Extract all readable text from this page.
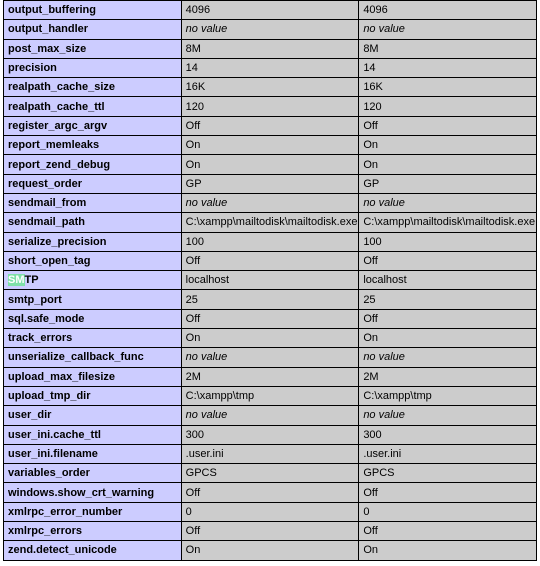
output_buffering	4096	4096
output_handler	no value	no value
post_max_size	8M	8M
precision	14	14
realpath_cache_size	16K	16K
realpath_cache_ttl	120	120
register_argc_argv	Off	Off
report_memleaks	On	On
report_zend_debug	On	On
request_order	GP	GP
sendmail_from	no value	no value
sendmail_path	C:\xampp\mailtodisk\mailtodisk.exe	C:\xampp\mailtodisk\mailtodisk.exe
serialize_precision	100	100
short_open_tag	Off	Off
SMTP	localhost	localhost
smtp_port	25	25
sql.safe_mode	Off	Off
track_errors	On	On
unserialize_callback_func	no value	no value
upload_max_filesize	2M	2M
upload_tmp_dir	C:\xampp\tmp	C:\xampp\tmp
user_dir	no value	no value
user_ini.cache_ttl	300	300
user_ini.filename	.user.ini	.user.ini
variables_order	GPCS	GPCS
windows.show_crt_warning	Off	Off
xmlrpc_error_number	0	0
xmlrpc_errors	Off	Off
zend.detect_unicode	On	On
